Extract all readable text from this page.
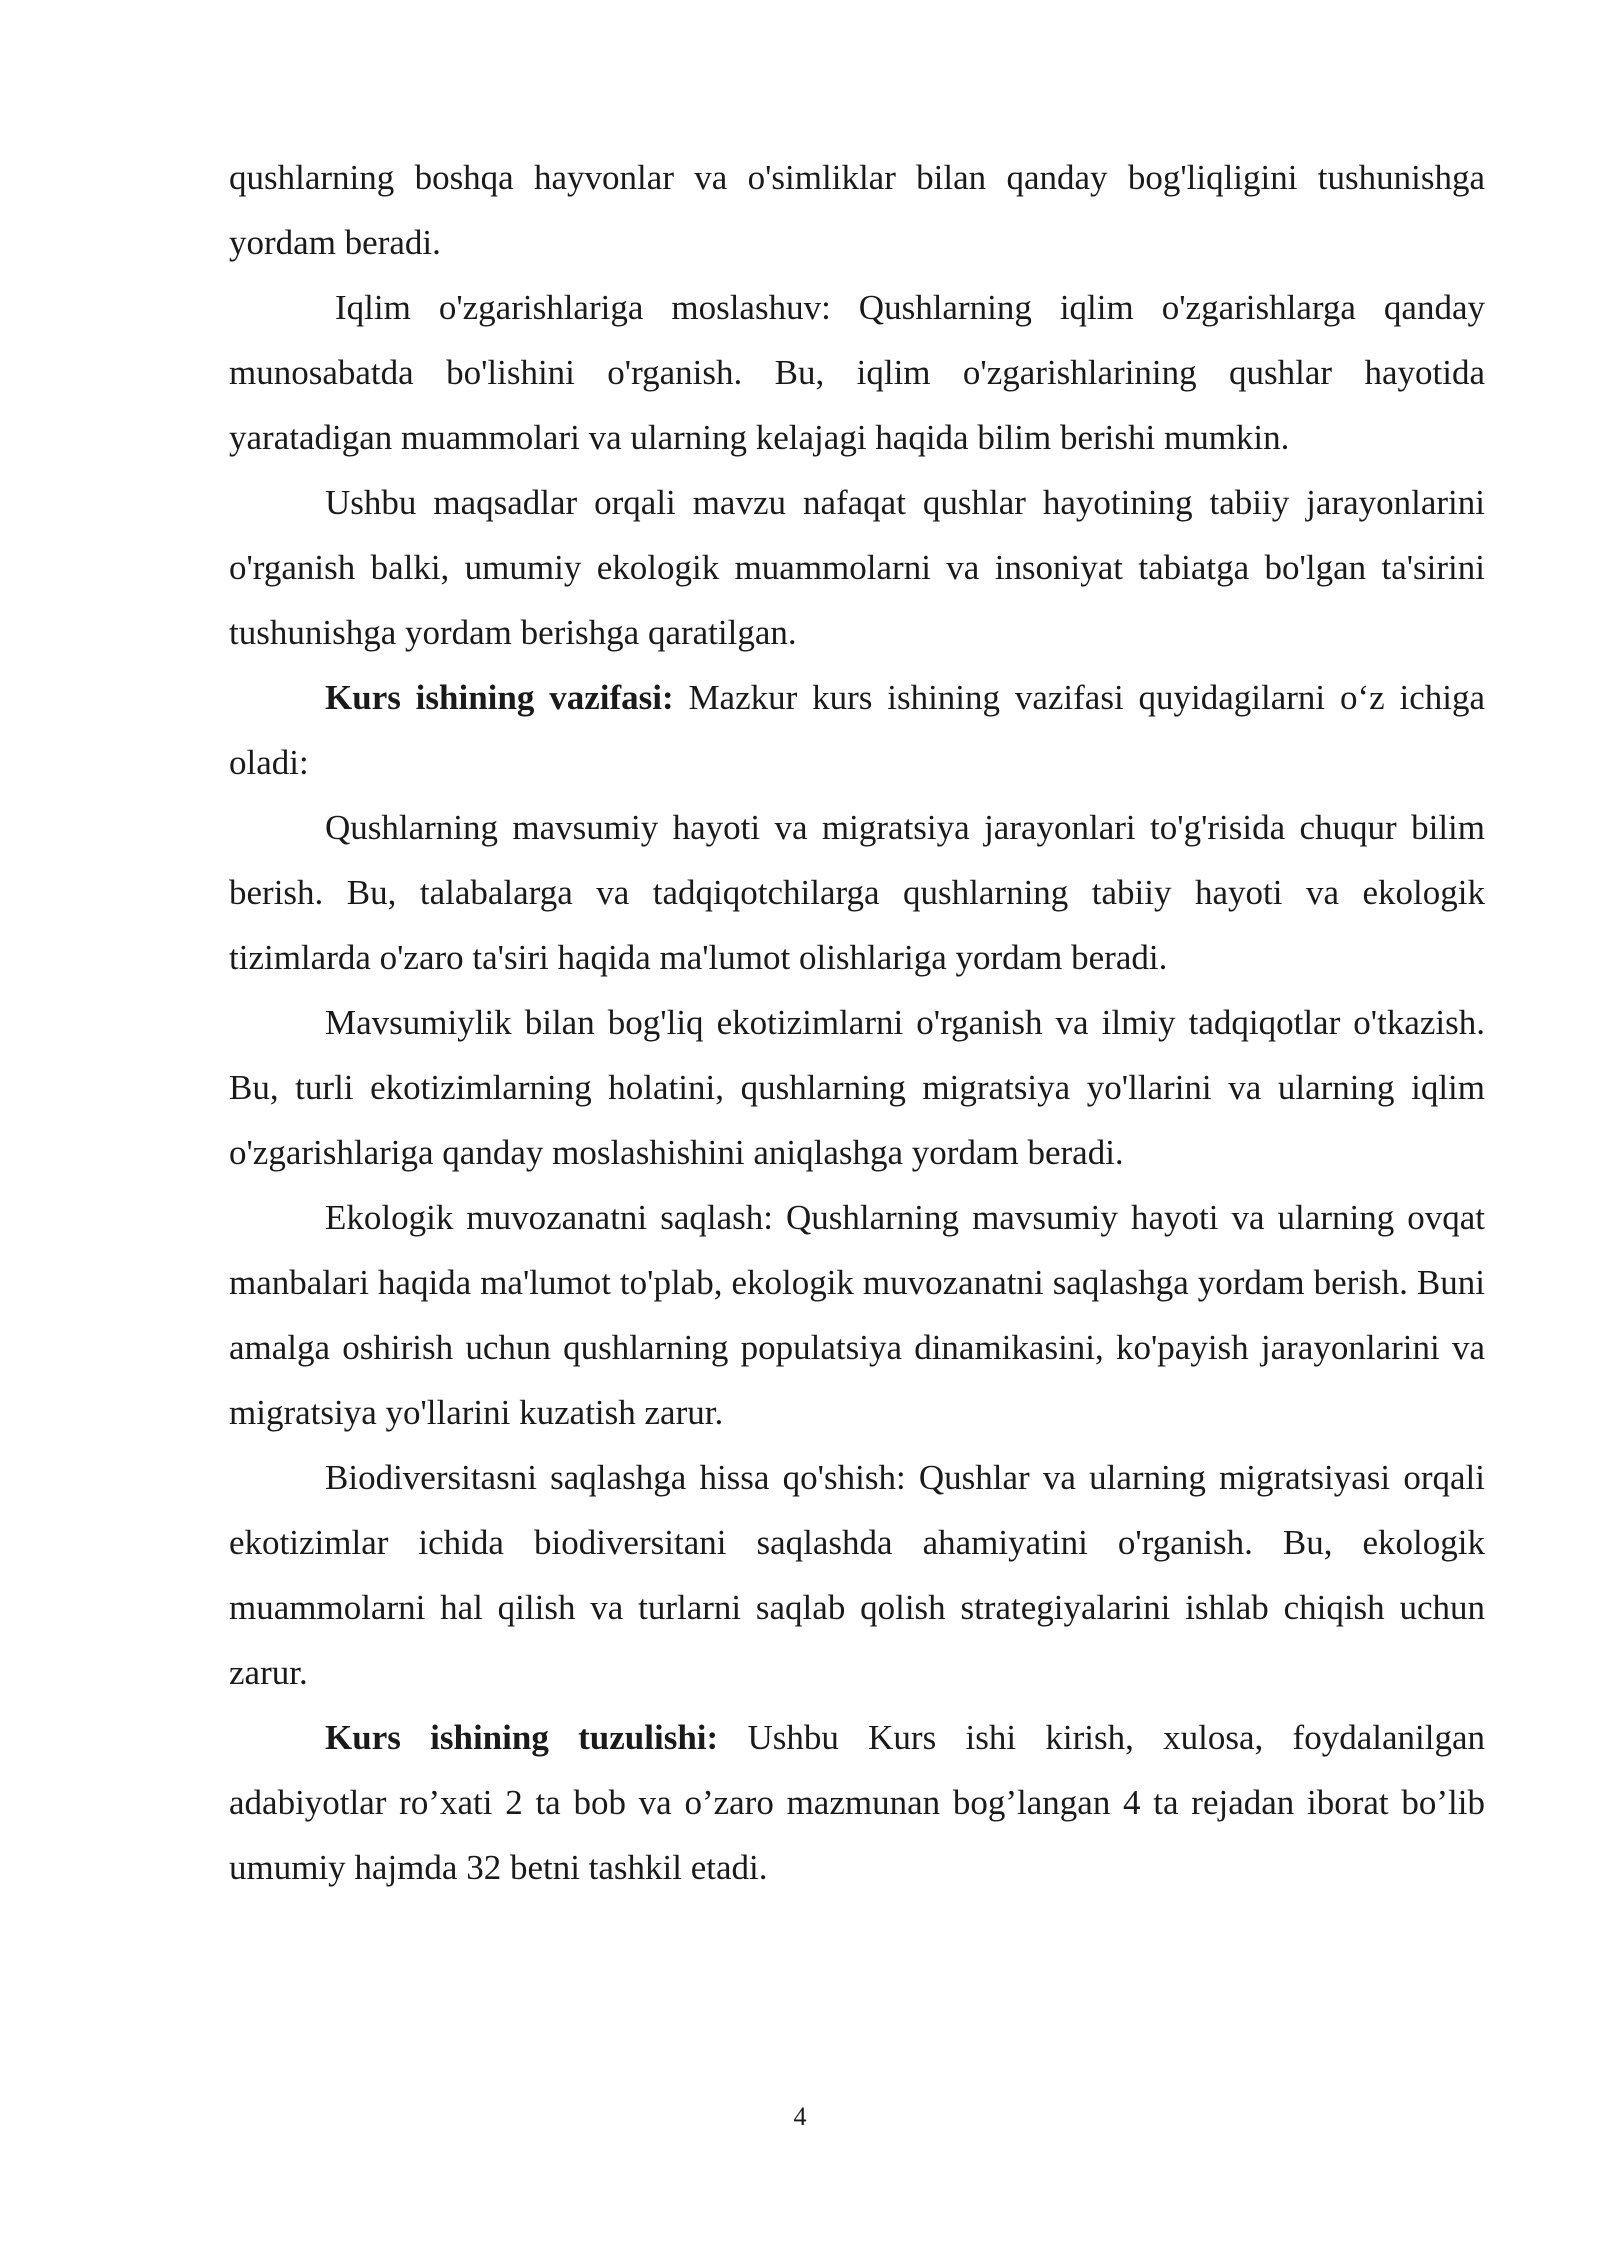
qushlarning boshqa hayvonlar va o'simliklar bilan qanday bog'liqligini tushunishga yordam beradi.

Iqlim o'zgarishlariga moslashuv: Qushlarning iqlim o'zgarishlarga qanday munosabatda bo'lishini o'rganish. Bu, iqlim o'zgarishlarining qushlar hayotida yaratadigan muammolari va ularning kelajagi haqida bilim berishi mumkin.

Ushbu maqsadlar orqali mavzu nafaqat qushlar hayotining tabiiy jarayonlarini o'rganish balki, umumiy ekologik muammolarni va insoniyat tabiatga bo'lgan ta'sirini tushunishga yordam berishga qaratilgan.

Kurs ishining vazifasi: Mazkur kurs ishining vazifasi quyidagilarni o‘z ichiga oladi:

Qushlarning mavsumiy hayoti va migratsiya jarayonlari to'g'risida chuqur bilim berish. Bu, talabalarga va tadqiqotchilarga qushlarning tabiiy hayoti va ekologik tizimlarda o'zaro ta'siri haqida ma'lumot olishlariga yordam beradi.

Mavsumiylik bilan bog'liq ekotizimlarni o'rganish va ilmiy tadqiqotlar o'tkazish. Bu, turli ekotizimlarning holatini, qushlarning migratsiya yo'llarini va ularning iqlim o'zgarishlariga qanday moslashishini aniqlashga yordam beradi.

Ekologik muvozanatni saqlash: Qushlarning mavsumiy hayoti va ularning ovqat manbalari haqida ma'lumot to'plab, ekologik muvozanatni saqlashga yordam berish. Buni amalga oshirish uchun qushlarning populatsiya dinamikasini, ko'payish jarayonlarini va migratsiya yo'llarini kuzatish zarur.

Biodiversitasni saqlashga hissa qo'shish: Qushlar va ularning migratsiyasi orqali ekotizimlar ichida biodiversitani saqlashda ahamiyatini o'rganish. Bu, ekologik muammolarni hal qilish va turlarni saqlab qolish strategiyalarini ishlab chiqish uchun zarur.

Kurs ishining tuzulishi: Ushbu Kurs ishi kirish, xulosa, foydalanilgan adabiyotlar ro’xati 2 ta bob va o’zaro mazmunan bog’langan 4 ta rejadan iborat bo’lib umumiy hajmda 32 betni tashkil etadi.

4
